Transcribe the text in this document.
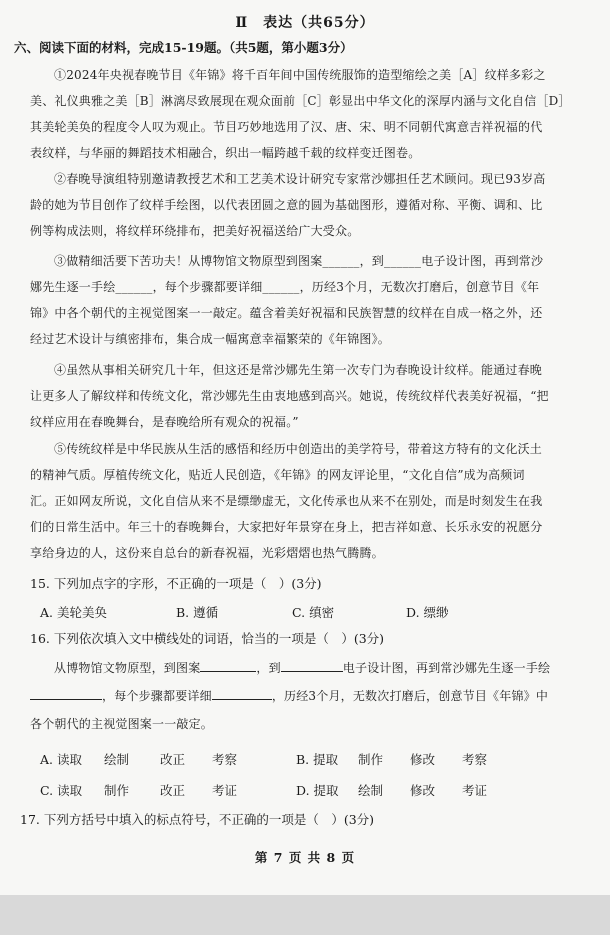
Ⅱ　表达（共65分）
六、阅读下面的材料，完成15-19题。（共5题，第小题3分）
①2024年央视春晚节目《年锦》将千百年间中国传统服饰的造型缩绘之美［A］纹样多彩之
美、礼仪典雅之美［B］淋漓尽致展现在观众面前［C］彰显出中华文化的深厚内涵与文化自信［D］
其美轮美奂的程度令人叹为观止。节目巧妙地选用了汉、唐、宋、明不同朝代寓意吉祥祝福的代
表纹样，与华丽的舞蹈技术相融合，织出一幅跨越千载的纹样变迁图卷。
②春晚导演组特别邀请教授艺术和工艺美术设计研究专家常沙娜担任艺术顾问。现已93岁高
龄的她为节目创作了纹样手绘图，以代表团圆之意的圆为基础图形，遵循对称、平衡、调和、比
例等构成法则，将纹样环绕排布，把美好祝福送给广大受众。
③做精细活要下苦功夫！从博物馆文物原型到图案______，到______电子设计图，再到常沙
娜先生逐一手绘______，每个步骤都要详细______，历经3个月，无数次打磨后，创意节目《年
锦》中各个朝代的主视觉图案一一敲定。蕴含着美好祝福和民族智慧的纹样在自成一格之外，还
经过艺术设计与缜密排布，集合成一幅寓意幸福繁荣的《年锦图》。
④虽然从事相关研究几十年，但这还是常沙娜先生第一次专门为春晚设计纹样。能通过春晚
让更多人了解纹样和传统文化，常沙娜先生由衷地感到高兴。她说，传统纹样代表美好祝福，“把
纹样应用在春晚舞台，是春晚给所有观众的祝福。”
⑤传统纹样是中华民族从生活的感悟和经历中创造出的美学符号，带着这方特有的文化沃土
的精神气质。厚植传统文化，贴近人民创造，《年锦》的网友评论里，“文化自信”成为高频词
汇。正如网友所说，文化自信从来不是缥缈虚无，文化传承也从来不在别处，而是时刻发生在我
们的日常生活中。年三十的春晚舞台，大家把好年景穿在身上，把吉祥如意、长乐永安的祝愿分
享给身边的人，这份来自总台的新春祝福，光彩熠熠也热气腾腾。
15. 下列加点字的字形，不正确的一项是（　）(3分)
A. 美轮美奂	B. 遵循	C. 缜密	D. 缥缈
16. 下列依次填入文中横线处的词语，恰当的一项是（　）(3分)
从博物馆文物原型，到图案	，到	电子设计图，再到常沙娜先生逐一手绘
，每个步骤都要详细	，历经3个月，无数次打磨后，创意节目《年锦》中
各个朝代的主视觉图案一一敲定。
A. 读取 绘制 改正 考察	B. 提取 制作 修改 考察
C. 读取 制作 改正 考证	D. 提取 绘制 修改 考证
17. 下列方括号中填入的标点符号，不正确的一项是（　）(3分)
第 7 页 共 8 页
